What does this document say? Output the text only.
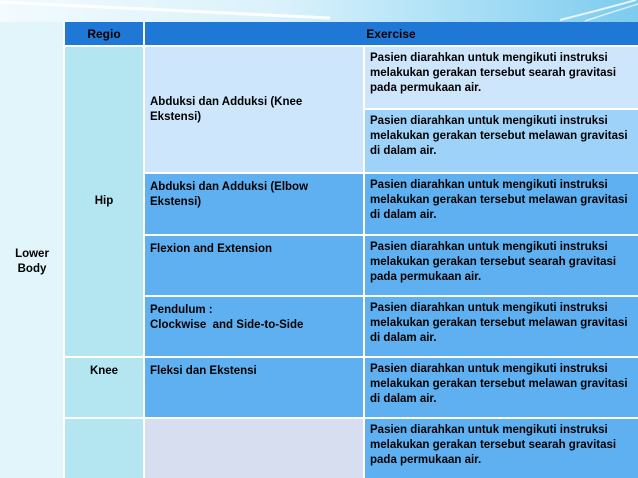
Regio	Exercise
Lower Body
Hip
Knee
Abduksi dan Adduksi (Knee Ekstensi)
Abduksi dan Adduksi (Elbow Ekstensi)
Flexion and Extension
Pendulum :
Clockwise  and Side-to-Side
Fleksi dan Ekstensi
Pasien diarahkan untuk mengikuti instruksi melakukan gerakan tersebut searah gravitasi pada permukaan air.
Pasien diarahkan untuk mengikuti instruksi melakukan gerakan tersebut melawan gravitasi di dalam air.
Pasien diarahkan untuk mengikuti instruksi melakukan gerakan tersebut melawan gravitasi di dalam air.
Pasien diarahkan untuk mengikuti instruksi melakukan gerakan tersebut searah gravitasi pada permukaan air.
Pasien diarahkan untuk mengikuti instruksi melakukan gerakan tersebut melawan gravitasi di dalam air.
Pasien diarahkan untuk mengikuti instruksi melakukan gerakan tersebut melawan gravitasi di dalam air.
Pasien diarahkan untuk mengikuti instruksi melakukan gerakan tersebut searah gravitasi pada permukaan air.
